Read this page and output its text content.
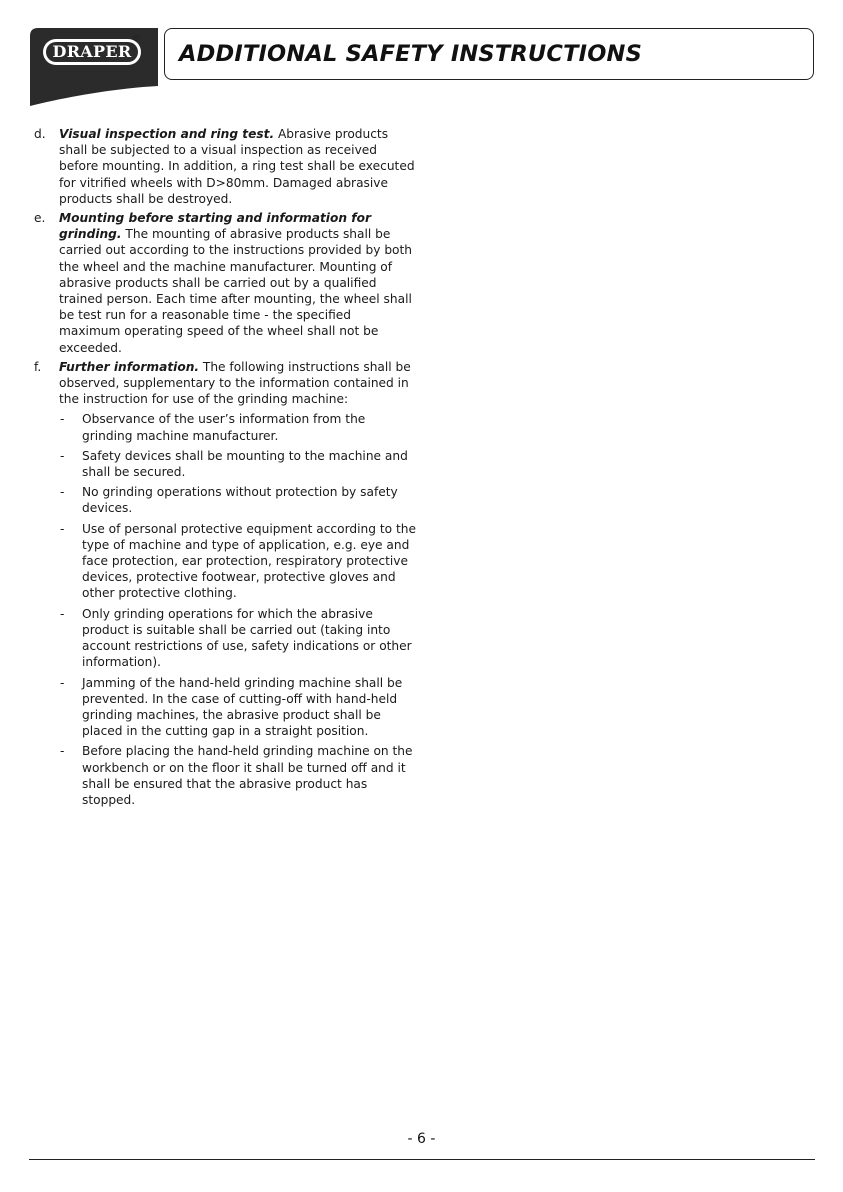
DRAPER
®
ADDITIONAL SAFETY INSTRUCTIONS
d. Visual inspection and ring test. Abrasive products shall be subjected to a visual inspection as received before mounting. In addition, a ring test shall be executed for vitrified wheels with D>80mm. Damaged abrasive products shall be destroyed.
e. Mounting before starting and information for grinding. The mounting of abrasive products shall be carried out according to the instructions provided by both the wheel and the machine manufacturer. Mounting of abrasive products shall be carried out by a qualified trained person. Each time after mounting, the wheel shall be test run for a reasonable time - the specified maximum operating speed of the wheel shall not be exceeded.
f. Further information. The following instructions shall be observed, supplementary to the information contained in the instruction for use of the grinding machine:
- Observance of the user’s information from the grinding machine manufacturer.
- Safety devices shall be mounting to the machine and shall be secured.
- No grinding operations without protection by safety devices.
- Use of personal protective equipment according to the type of machine and type of application, e.g. eye and face protection, ear protection, respiratory protective devices, protective footwear, protective gloves and other protective clothing.
- Only grinding operations for which the abrasive product is suitable shall be carried out (taking into account restrictions of use, safety indications or other information).
- Jamming of the hand-held grinding machine shall be prevented. In the case of cutting-off with hand-held grinding machines, the abrasive product shall be placed in the cutting gap in a straight position.
- Before placing the hand-held grinding machine on the workbench or on the floor it shall be turned off and it shall be ensured that the abrasive product has stopped.
- 6 -
